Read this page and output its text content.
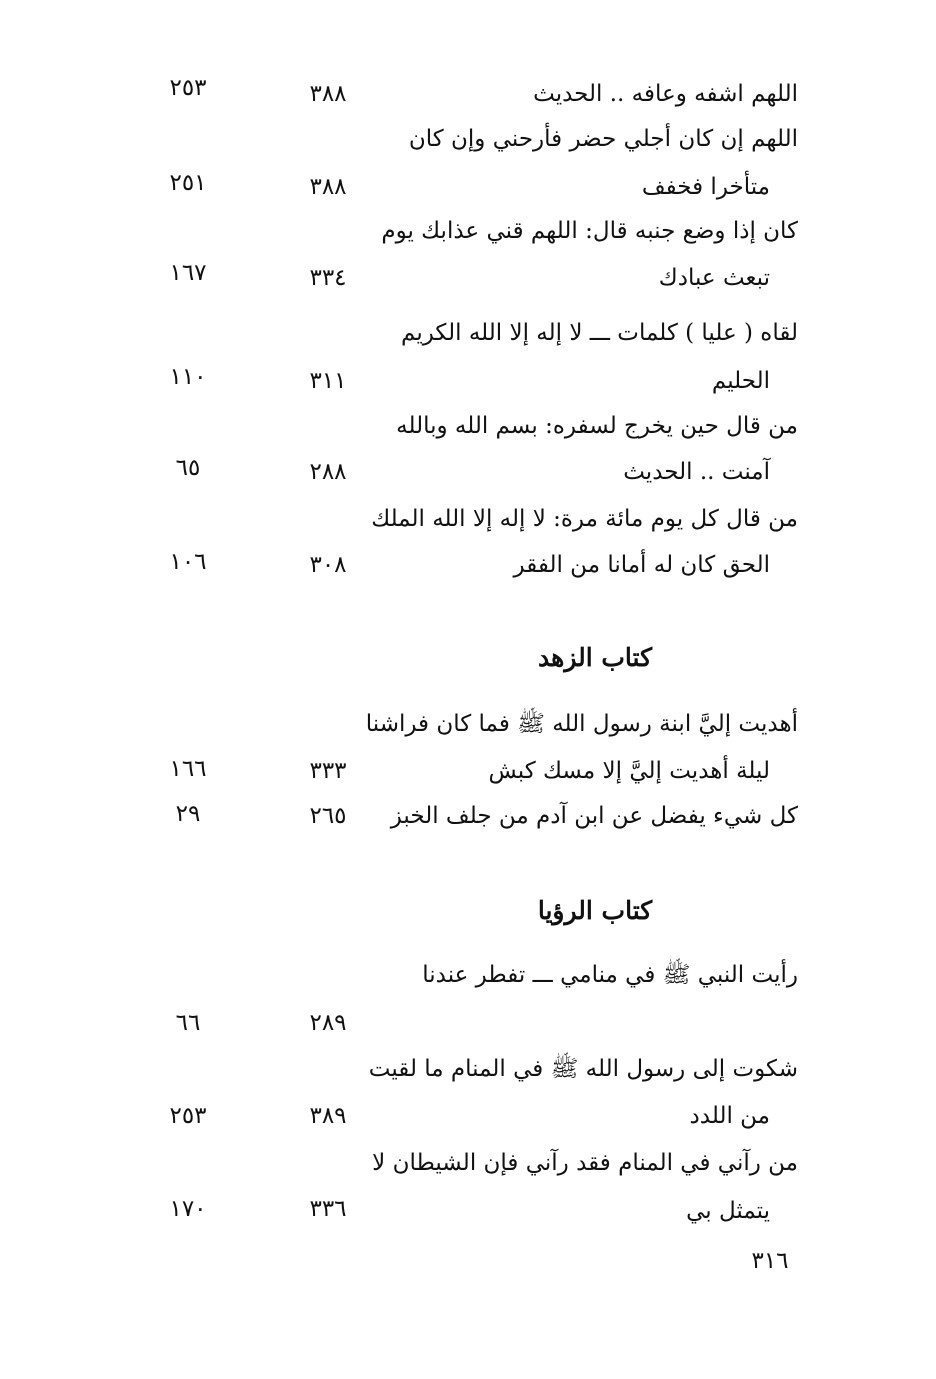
اللهم اشفه وعافه .. الحديث
٣٨٨
٢٥٣
اللهم إن كان أجلي حضر فأرحني وإن كان
متأخرا فخفف
٣٨٨
٢٥١
كان إذا وضع جنبه قال: اللهم قني عذابك يوم
تبعث عبادك
٣٣٤
١٦٧
لقاه ( عليا ) كلمات ـــ لا إله إلا الله الكريم
الحليم
٣١١
١١٠
من قال حين يخرج لسفره: بسم الله وبالله
آمنت .. الحديث
٢٨٨
٦٥
من قال كل يوم مائة مرة: لا إله إلا الله الملك
الحق كان له أمانا من الفقر
٣٠٨
١٠٦
كتاب الزهد
أهديت إليَّ ابنة رسول الله ﷺ فما كان فراشنا
ليلة أهديت إليَّ إلا مسك كبش
٣٣٣
١٦٦
كل شيء يفضل عن ابن آدم من جلف الخبز
٢٦٥
٢٩
كتاب الرؤيا
رأيت النبي ﷺ في منامي ـــ تفطر عندنا
٢٨٩
٦٦
شكوت إلى رسول الله ﷺ في المنام ما لقيت
من اللدد
٣٨٩
٢٥٣
من رآني في المنام فقد رآني فإن الشيطان لا
يتمثل بي
٣٣٦
١٧٠
٣١٦
